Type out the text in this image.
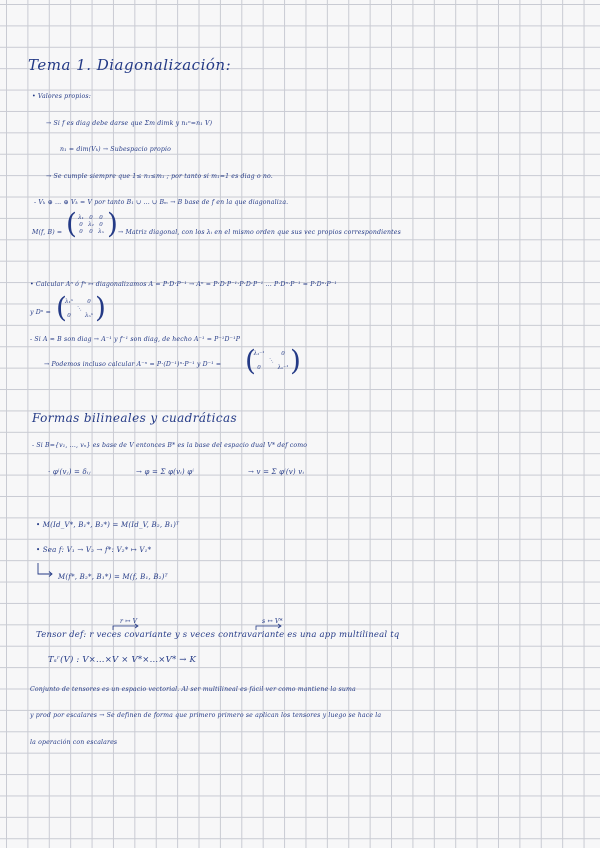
Tema 1. Diagonalización:
• Valores propios:
→ Si f es diag debe darse que Σm dimk y n₁ⁿ=n₁ V)
n₁ = dim(Vₖ) → Subespacio propio
→ Se cumple siempre que 1≤ n₁≤m₁ ; por tanto si m₁=1 es diag o no.
- Vₖ ⊕ ... ⊕ Vₖ = V por tanto B₁ ∪ ... ∪ Bₘ → B base de f en la que diagonaliza.
M(f, B) = ( λ₁ 0	0
0 λ₂ 0
0	0 λₙ ) → Matriz diagonal, con los λᵢ en el mismo orden que sus vec propios correspondientes
• Calcular Aⁿ ó fⁿ ↦ diagonalizamos A = P·D·P⁻¹ → Aⁿ = P·D·P⁻¹·P·D·P⁻¹ ... P·Dⁿ·P⁻¹ = P·Dⁿ·P⁻¹
y Dⁿ = (
λ₁ⁿ	0
⋱
0	λₙⁿ )
- Si A ≈ B son diag → A⁻¹ y f⁻¹ son diag, de hecho A⁻¹ = P⁻¹D⁻¹P
→ Podemos incluso calcular A⁻ⁿ = P·(D⁻¹)ⁿ·P⁻¹ y D⁻¹ = (
λ₁⁻¹	0
⋱
0	λₙ⁻¹ )
Formas bilineales y cuadráticas
- Si B={v₁, ..., vₙ} es base de V entonces B* es la base del espacio dual V* def como
· φⁱ(vⱼ) = δᵢⱼ	→ φ = Σ φ(vᵢ) φⁱ	→ v = Σ φⁱ(v) vᵢ
• M(Id_V*, B₁*, B₂*) = M(Id_V, B₂, B₁)ᵀ
• Sea f: V₁ → V₂ → f*: V₂* ↦ V₁*
M(f*, B₂*, B₁*) = M(f, B₁, B₂)ᵀ
r ↦ V	s ↦ V*
Tensor def: r veces covariante y s veces contravariante es una app multilineal tq
Tₛʳ(V) : V×...×V × V*×...×V* → K
Conjunto de tensores es un espacio vectorial. Al ser multilineal es fácil ver como mantiene la suma
y prod por escalares → Se definen de forma que primero primero se aplican los tensores y luego se hace la
la operación con escalares
